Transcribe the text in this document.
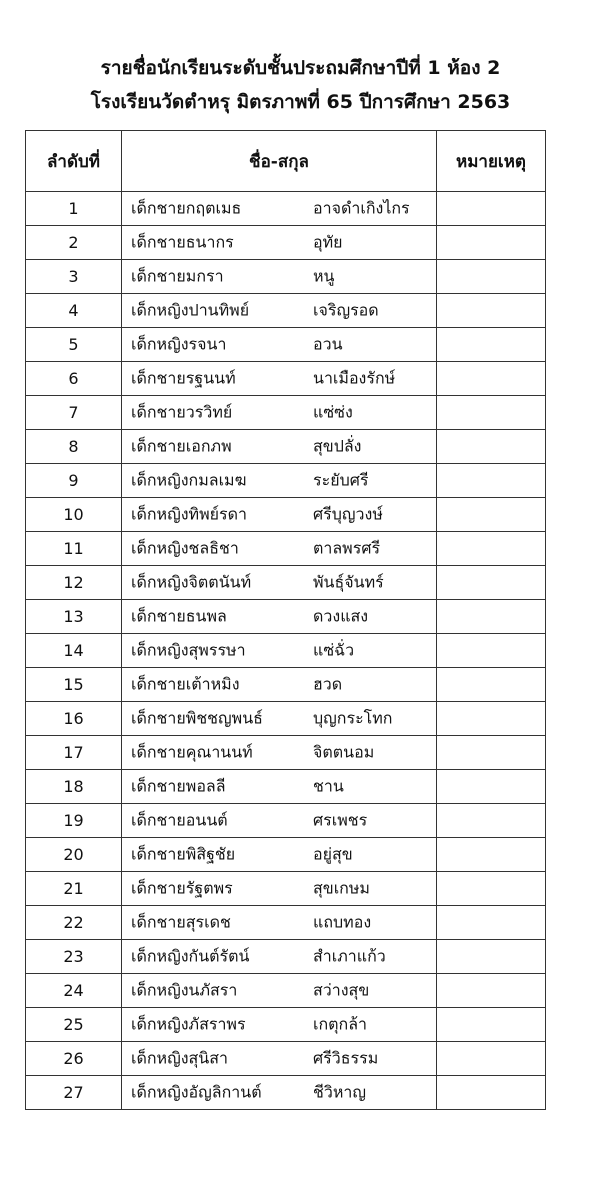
รายชื่อนักเรียนระดับชั้นประถมศึกษาปีที่ 1 ห้อง 2
โรงเรียนวัดตำหรุ มิตรภาพที่ 65 ปีการศึกษา 2563
ลำดับที่	ชื่อ-สกุล	หมายเหตุ
1	เด็กชายกฤตเมธ อาจดำเกิงไกร	

2	เด็กชายธนากร อุทัย	

3	เด็กชายมกรา หนู	

4	เด็กหญิงปานทิพย์ เจริญรอด	

5	เด็กหญิงรจนา อวน	

6	เด็กชายรฐนนท์ นาเมืองรักษ์	

7	เด็กชายวรวิทย์ แซ่ซ่ง	

8	เด็กชายเอกภพ สุขปลั่ง	

9	เด็กหญิงกมลเมฆ ระยับศรี	

10	เด็กหญิงทิพย์รดา ศรีบุญวงษ์	

11	เด็กหญิงชลธิชา ตาลพรศรี	

12	เด็กหญิงจิตตนันท์ พันธุ์จันทร์	

13	เด็กชายธนพล ดวงแสง	

14	เด็กหญิงสุพรรษา แซ่ฉั่ว	

15	เด็กชายเต้าหมิง ฮวด	

16	เด็กชายพิชชญพนธ์ บุญกระโทก	

17	เด็กชายคุณานนท์ จิตตนอม	

18	เด็กชายพอลลี ชาน	

19	เด็กชายอนนต์ ศรเพชร	

20	เด็กชายพิสิฐชัย อยู่สุข	

21	เด็กชายรัฐตพร สุขเกษม	

22	เด็กชายสุรเดช แถบทอง	

23	เด็กหญิงกันต์รัตน์ สำเภาแก้ว	

24	เด็กหญิงนภัสรา สว่างสุข	

25	เด็กหญิงภัสราพร เกตุกล้า	

26	เด็กหญิงสุนิสา ศรีวิธรรม	

27	เด็กหญิงอัญลิกานต์ ชีวิหาญ	
